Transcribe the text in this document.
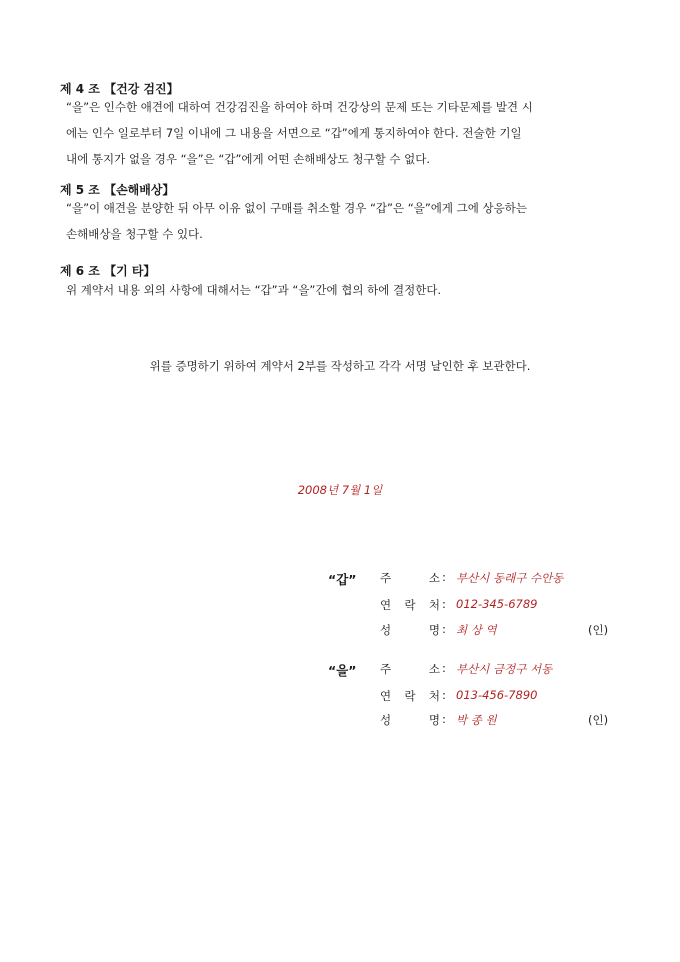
제 4 조 【건강 검진】
“을”은 인수한 애견에 대하여 건강검진을 하여야 하며 건강상의 문제 또는 기타문제를 발견 시
에는 인수 일로부터 7일 이내에 그 내용을 서면으로 “갑”에게 통지하여야 한다. 전술한 기일
내에 통지가 없을 경우 “을”은 “갑”에게 어떤 손해배상도 청구할 수 없다.
제 5 조 【손해배상】
“을”이 애견을 분양한 뒤 아무 이유 없이 구매를 취소할 경우 “갑”은 “을”에게 그에 상응하는
손해배상을 청구할 수 있다.
제 6 조 【기 타】
위 계약서 내용 외의 사항에 대해서는 “갑”과 “을”간에 협의 하에 결정한다.
위를 증명하기 위하여 계약서 2부를 작성하고 각각 서명 날인한 후 보관한다.
2008년 7월 1일
“갑” 주	소 : 부산시 동래구 수안동
연 락 처 : 012-345-6789
성	명 : 최 상 역	(인)
“을” 주	소 : 부산시 금정구 서동
연 락 처 : 013-456-7890
성	명 : 박 종 원	(인)
